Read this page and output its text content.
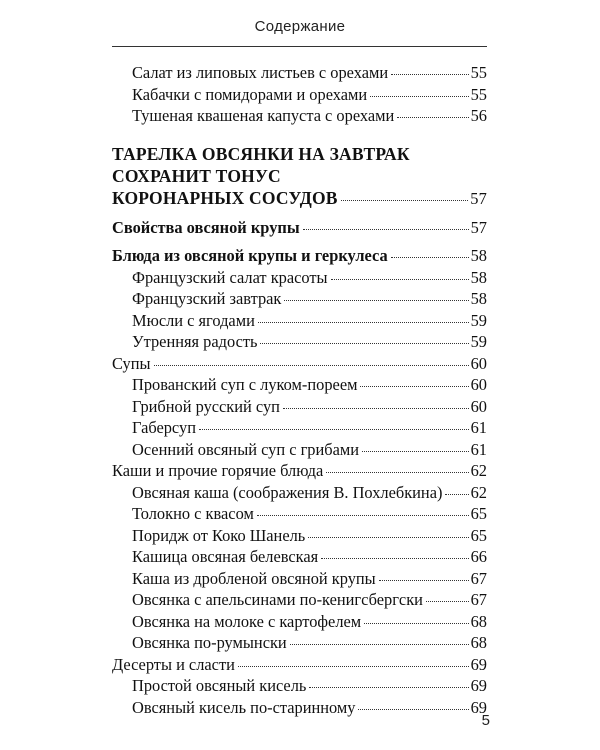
Содержание
Салат из липовых листьев с орехами	55
Кабачки с помидорами и орехами	55
Тушеная квашеная капуста с орехами	56
ТАРЕЛКА ОВСЯНКИ НА ЗАВТРАК
СОХРАНИТ ТОНУС
КОРОНАРНЫХ СОСУДОВ	57
Свойства овсяной крупы	57
Блюда из овсяной крупы и геркулеса	58
Французский салат красоты	58
Французский завтрак	58
Мюсли с ягодами	59
Утренняя радость	59
Супы	60
Прованский суп с луком-пореем	60
Грибной русский суп	60
Габерсуп	61
Осенний овсяный суп с грибами	61
Каши и прочие горячие блюда	62
Овсяная каша (соображения В. Похлебкина) 62
Толокно с квасом	65
Поридж от Коко Шанель	65
Кашица овсяная белевская	66
Каша из дробленой овсяной крупы	67
Овсянка с апельсинами по-кенигсбергски	67
Овсянка на молоке с картофелем	68
Овсянка по-румынски	68
Десерты и сласти	69
Простой овсяный кисель	69
Овсяный кисель по-старинному	69
5
